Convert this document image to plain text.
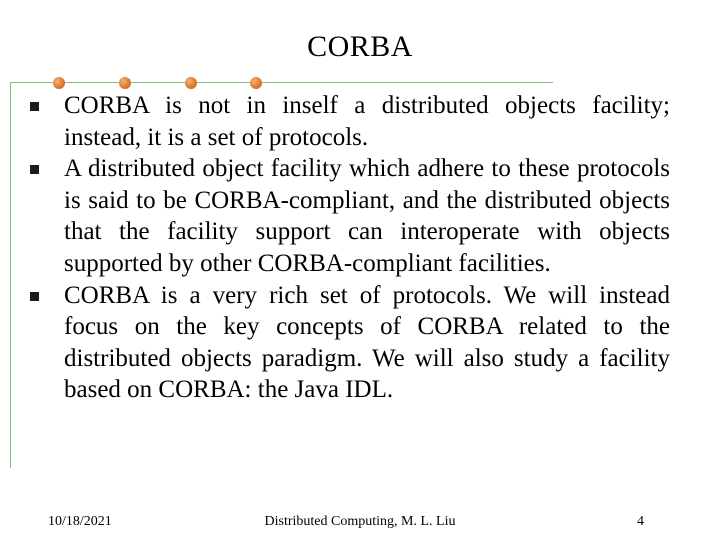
CORBA
CORBA is not in inself a distributed objects facility; instead, it is a set of protocols.
A distributed object facility which adhere to these protocols is said to be CORBA-compliant, and the distributed objects that the facility support can interoperate with objects supported by other CORBA-compliant facilities.
CORBA is a very rich set of protocols. We will instead focus on the key concepts of CORBA related to the distributed objects paradigm. We will also study a facility based on CORBA: the Java IDL.
10/18/2021	Distributed Computing, M. L. Liu	4
